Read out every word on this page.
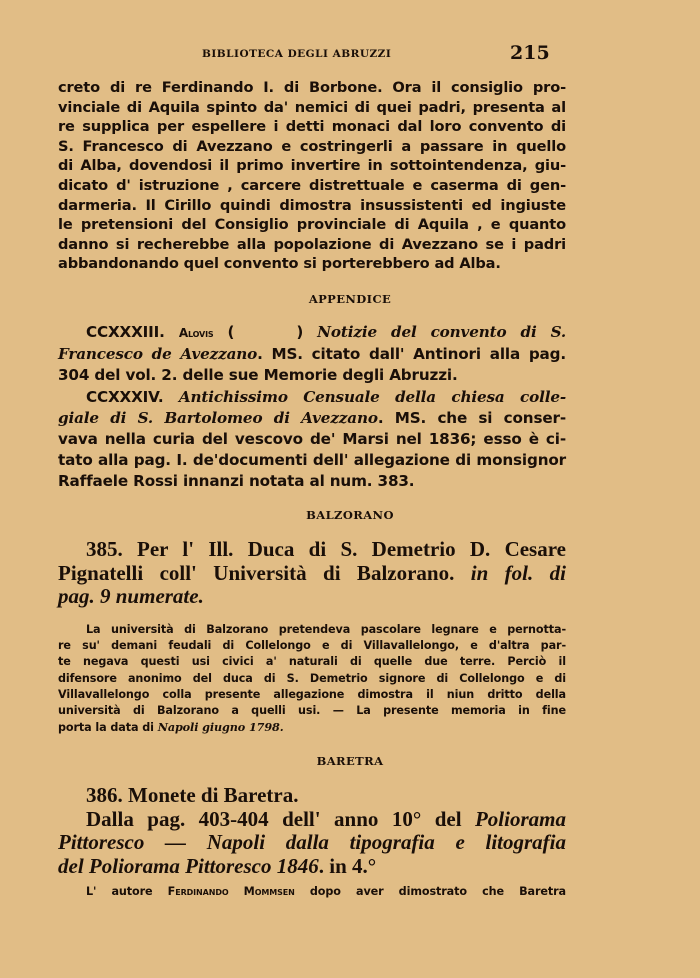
BIBLIOTECA DEGLI ABRUZZI	215
creto di re Ferdinando I. di Borbone. Ora il consiglio pro-
vinciale di Aquila spinto da' nemici di quei padri, presenta al
re supplica per espellere i detti monaci dal loro convento di
S. Francesco di Avezzano e costringerli a passare in quello
di Alba, dovendosi il primo invertire in sottointendenza, giu-
dicato d' istruzione , carcere distrettuale e caserma di gen-
darmeria. Il Cirillo quindi dimostra insussistenti ed ingiuste
le pretensioni del Consiglio provinciale di Aquila , e quanto
danno si recherebbe alla popolazione di Avezzano se i padri
abbandonando quel convento si porterebbero ad Alba.
APPENDICE
CCXXXIII. Alovis (	) Notizie del convento di S.
Francesco de Avezzano. MS. citato dall' Antinori alla pag.
304 del vol. 2. delle sue Memorie degli Abruzzi.
CCXXXIV. Antichissimo Censuale della chiesa colle-
giale di S. Bartolomeo di Avezzano. MS. che si conser-
vava nella curia del vescovo de' Marsi nel 1836; esso è ci-
tato alla pag. I. de'documenti dell' allegazione di monsignor
Raffaele Rossi innanzi notata al num. 383.
BALZORANO
385. Per l' Ill. Duca di S. Demetrio D. Cesare
Pignatelli coll' Università di Balzorano. in fol. di
pag. 9 numerate.
La università di Balzorano pretendeva pascolare legnare e pernotta-
re su' demani feudali di Collelongo e di Villavallelongo, e d'altra par-
te negava questi usi civici a' naturali di quelle due terre. Perciò il
difensore anonimo del duca di S. Demetrio signore di Collelongo e di
Villavallelongo colla presente allegazione dimostra il niun dritto della
università di Balzorano a quelli usi. — La presente memoria in fine
porta la data di Napoli giugno 1798.
BARETRA
386. Monete di Baretra.
Dalla pag. 403-404 dell' anno 10° del Poliorama
Pittoresco — Napoli dalla tipografia e litografia
del Poliorama Pittoresco 1846. in 4.°
L' autore Ferdinando Mommsen dopo aver dimostrato che Baretra
